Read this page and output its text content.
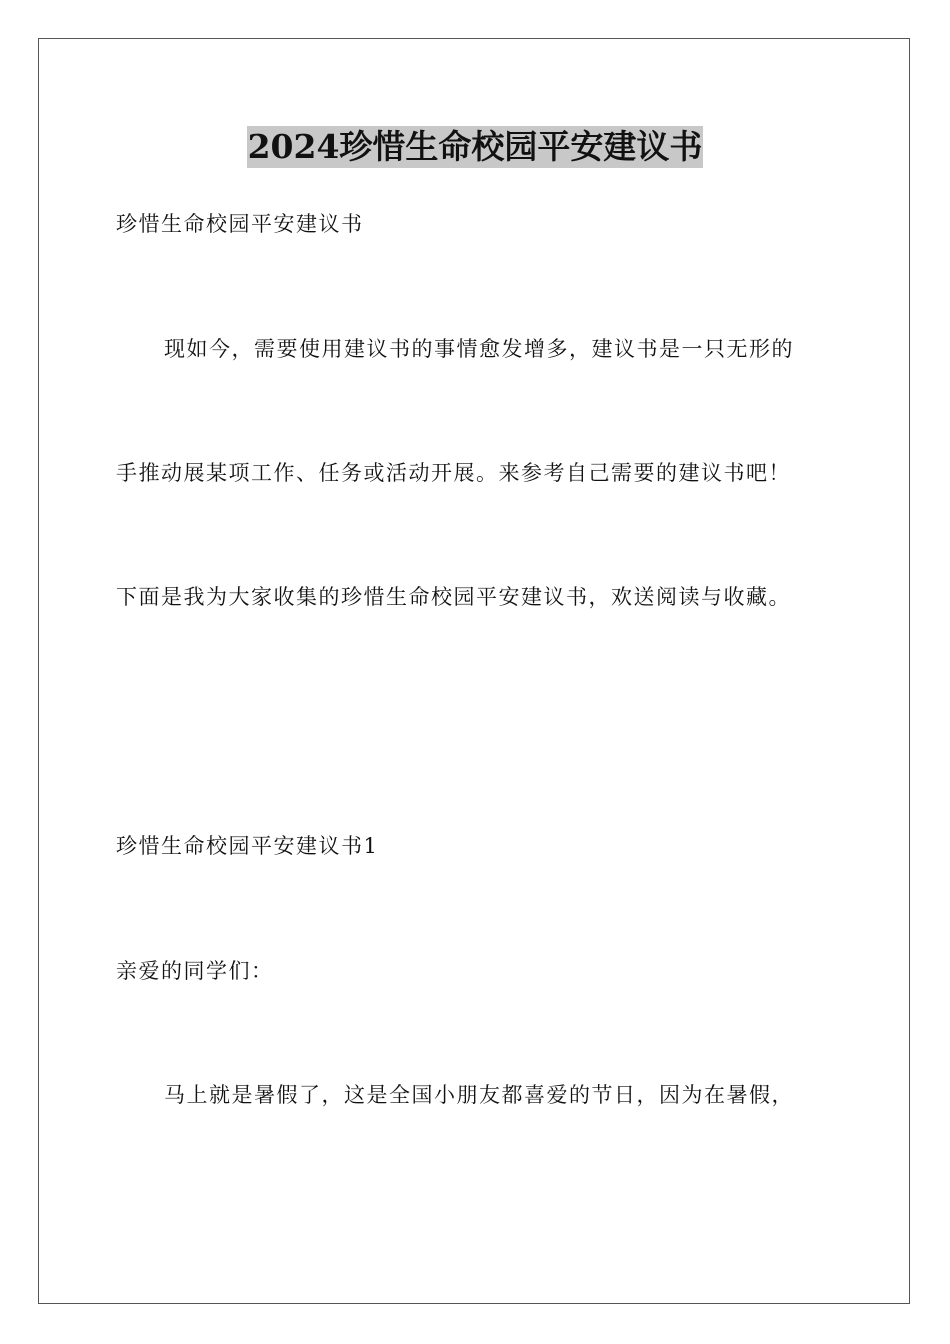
2024珍惜生命校园平安建议书
珍惜生命校园平安建议书
现如今，需要使用建议书的事情愈发增多，建议书是一只无形的
手推动展某项工作、任务或活动开展。来参考自己需要的建议书吧！
下面是我为大家收集的珍惜生命校园平安建议书，欢送阅读与收藏。
珍惜生命校园平安建议书1
亲爱的同学们：
马上就是暑假了，这是全国小朋友都喜爱的节日，因为在暑假，
